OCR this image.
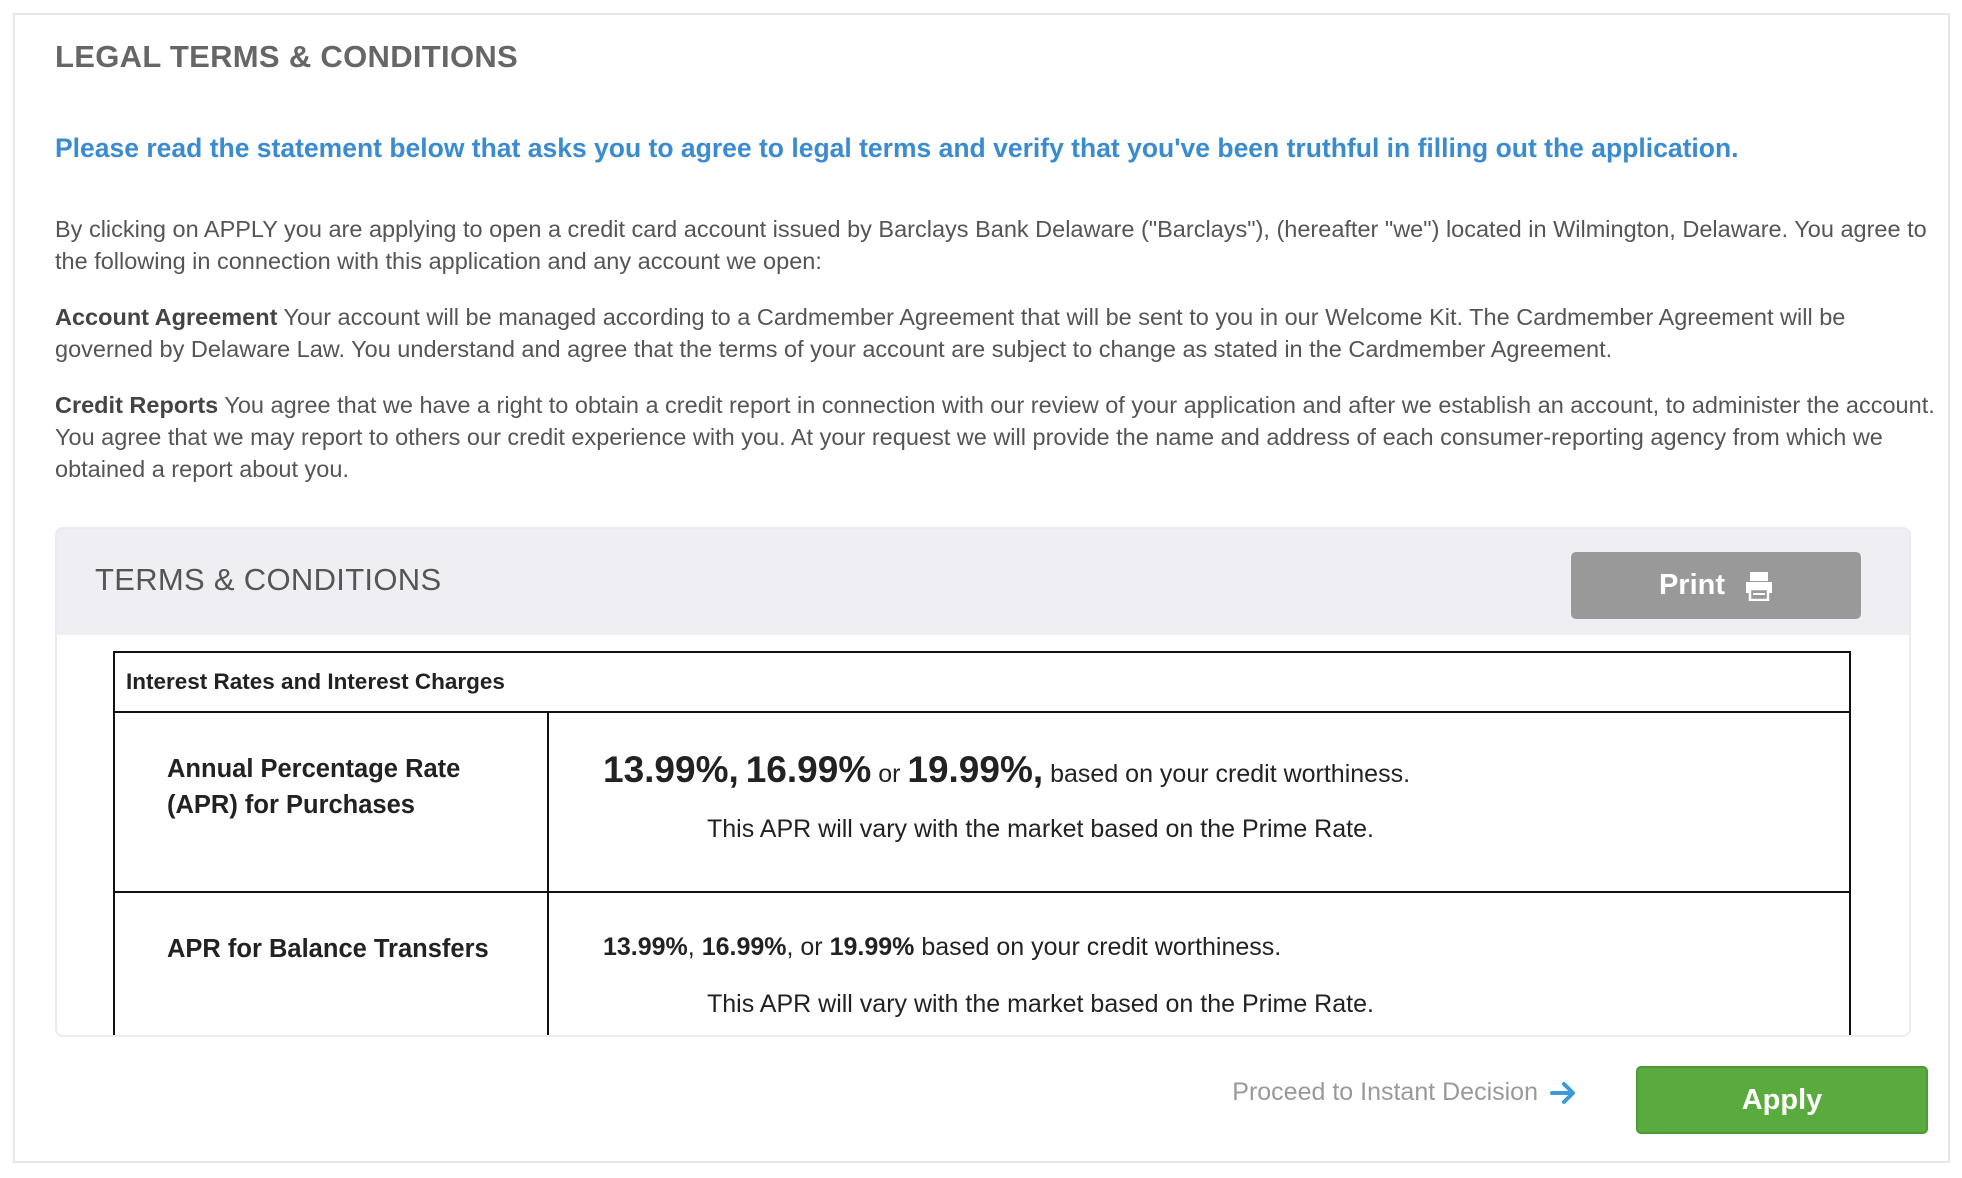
LEGAL TERMS & CONDITIONS
Please read the statement below that asks you to agree to legal terms and verify that you've been truthful in filling out the application.
By clicking on APPLY you are applying to open a credit card account issued by Barclays Bank Delaware ("Barclays"), (hereafter "we") located in Wilmington, Delaware. You agree to the following in connection with this application and any account we open:
Account Agreement Your account will be managed according to a Cardmember Agreement that will be sent to you in our Welcome Kit. The Cardmember Agreement will be governed by Delaware Law. You understand and agree that the terms of your account are subject to change as stated in the Cardmember Agreement.
Credit Reports You agree that we have a right to obtain a credit report in connection with our review of your application and after we establish an account, to administer the account. You agree that we may report to others our credit experience with you. At your request we will provide the name and address of each consumer-reporting agency from which we obtained a report about you.
TERMS & CONDITIONS	Print
Interest Rates and Interest Charges	
Annual Percentage Rate (APR) for Purchases	13.99%, 16.99% or 19.99%, based on your credit worthiness.
This APR will vary with the market based on the Prime Rate.

APR for Balance Transfers	13.99%, 16.99%, or 19.99% based on your credit worthiness.
This APR will vary with the market based on the Prime Rate.
Proceed to Instant Decision	Apply
